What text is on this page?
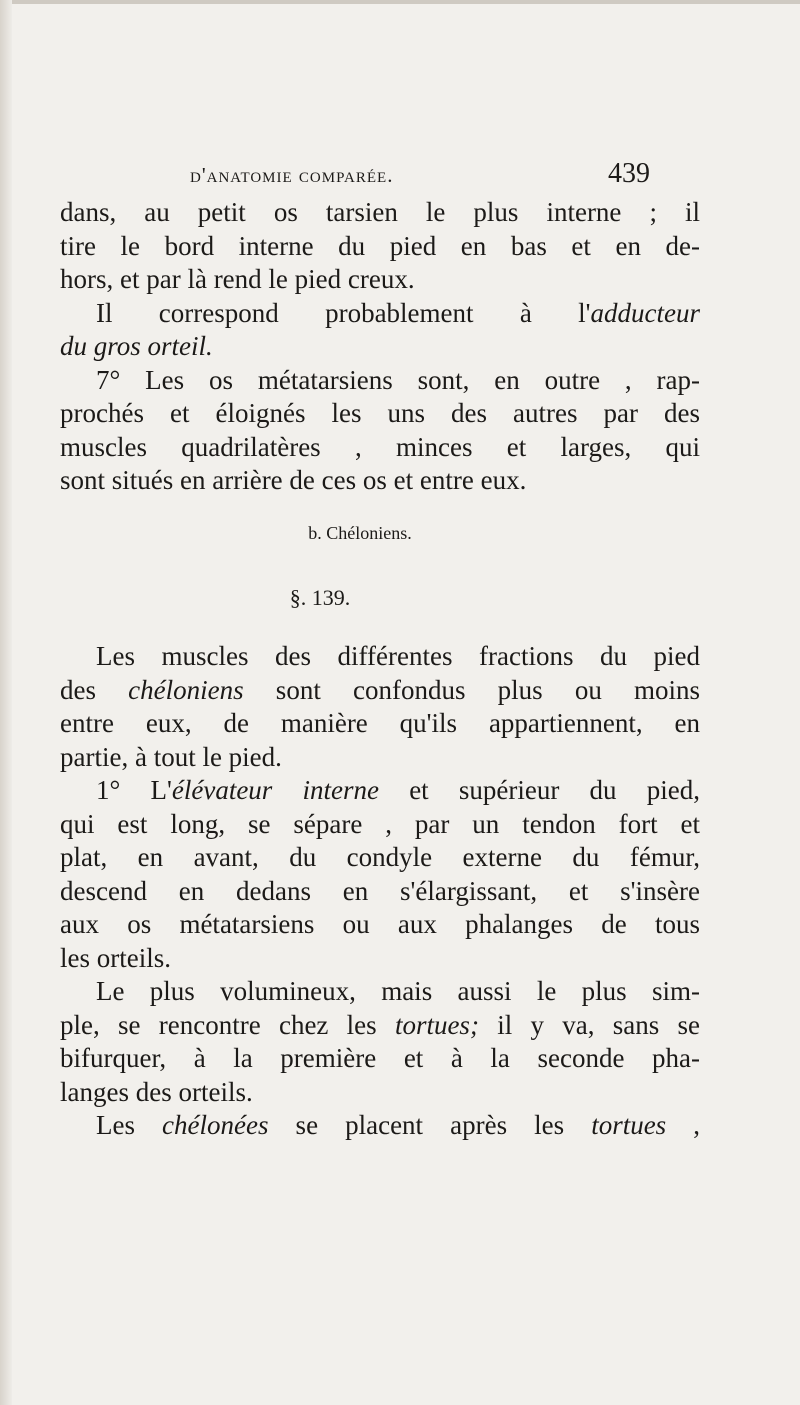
d'anatomie comparée.	439
dans, au petit os tarsien le plus interne ; il
tire le bord interne du pied en bas et en de-
hors, et par là rend le pied creux.
Il correspond probablement à l'adducteur
du gros orteil.
7° Les os métatarsiens sont, en outre , rap-
prochés et éloignés les uns des autres par des
muscles quadrilatères , minces et larges, qui
sont situés en arrière de ces os et entre eux.
b. Chéloniens.
§. 139.
Les muscles des différentes fractions du pied
des chéloniens sont confondus plus ou moins
entre eux, de manière qu'ils appartiennent, en
partie, à tout le pied.
1° L'élévateur interne et supérieur du pied,
qui est long, se sépare , par un tendon fort et
plat, en avant, du condyle externe du fémur,
descend en dedans en s'élargissant, et s'insère
aux os métatarsiens ou aux phalanges de tous
les orteils.
Le plus volumineux, mais aussi le plus sim-
ple, se rencontre chez les tortues; il y va, sans se
bifurquer, à la première et à la seconde pha-
langes des orteils.
Les chélonées se placent après les tortues ,
